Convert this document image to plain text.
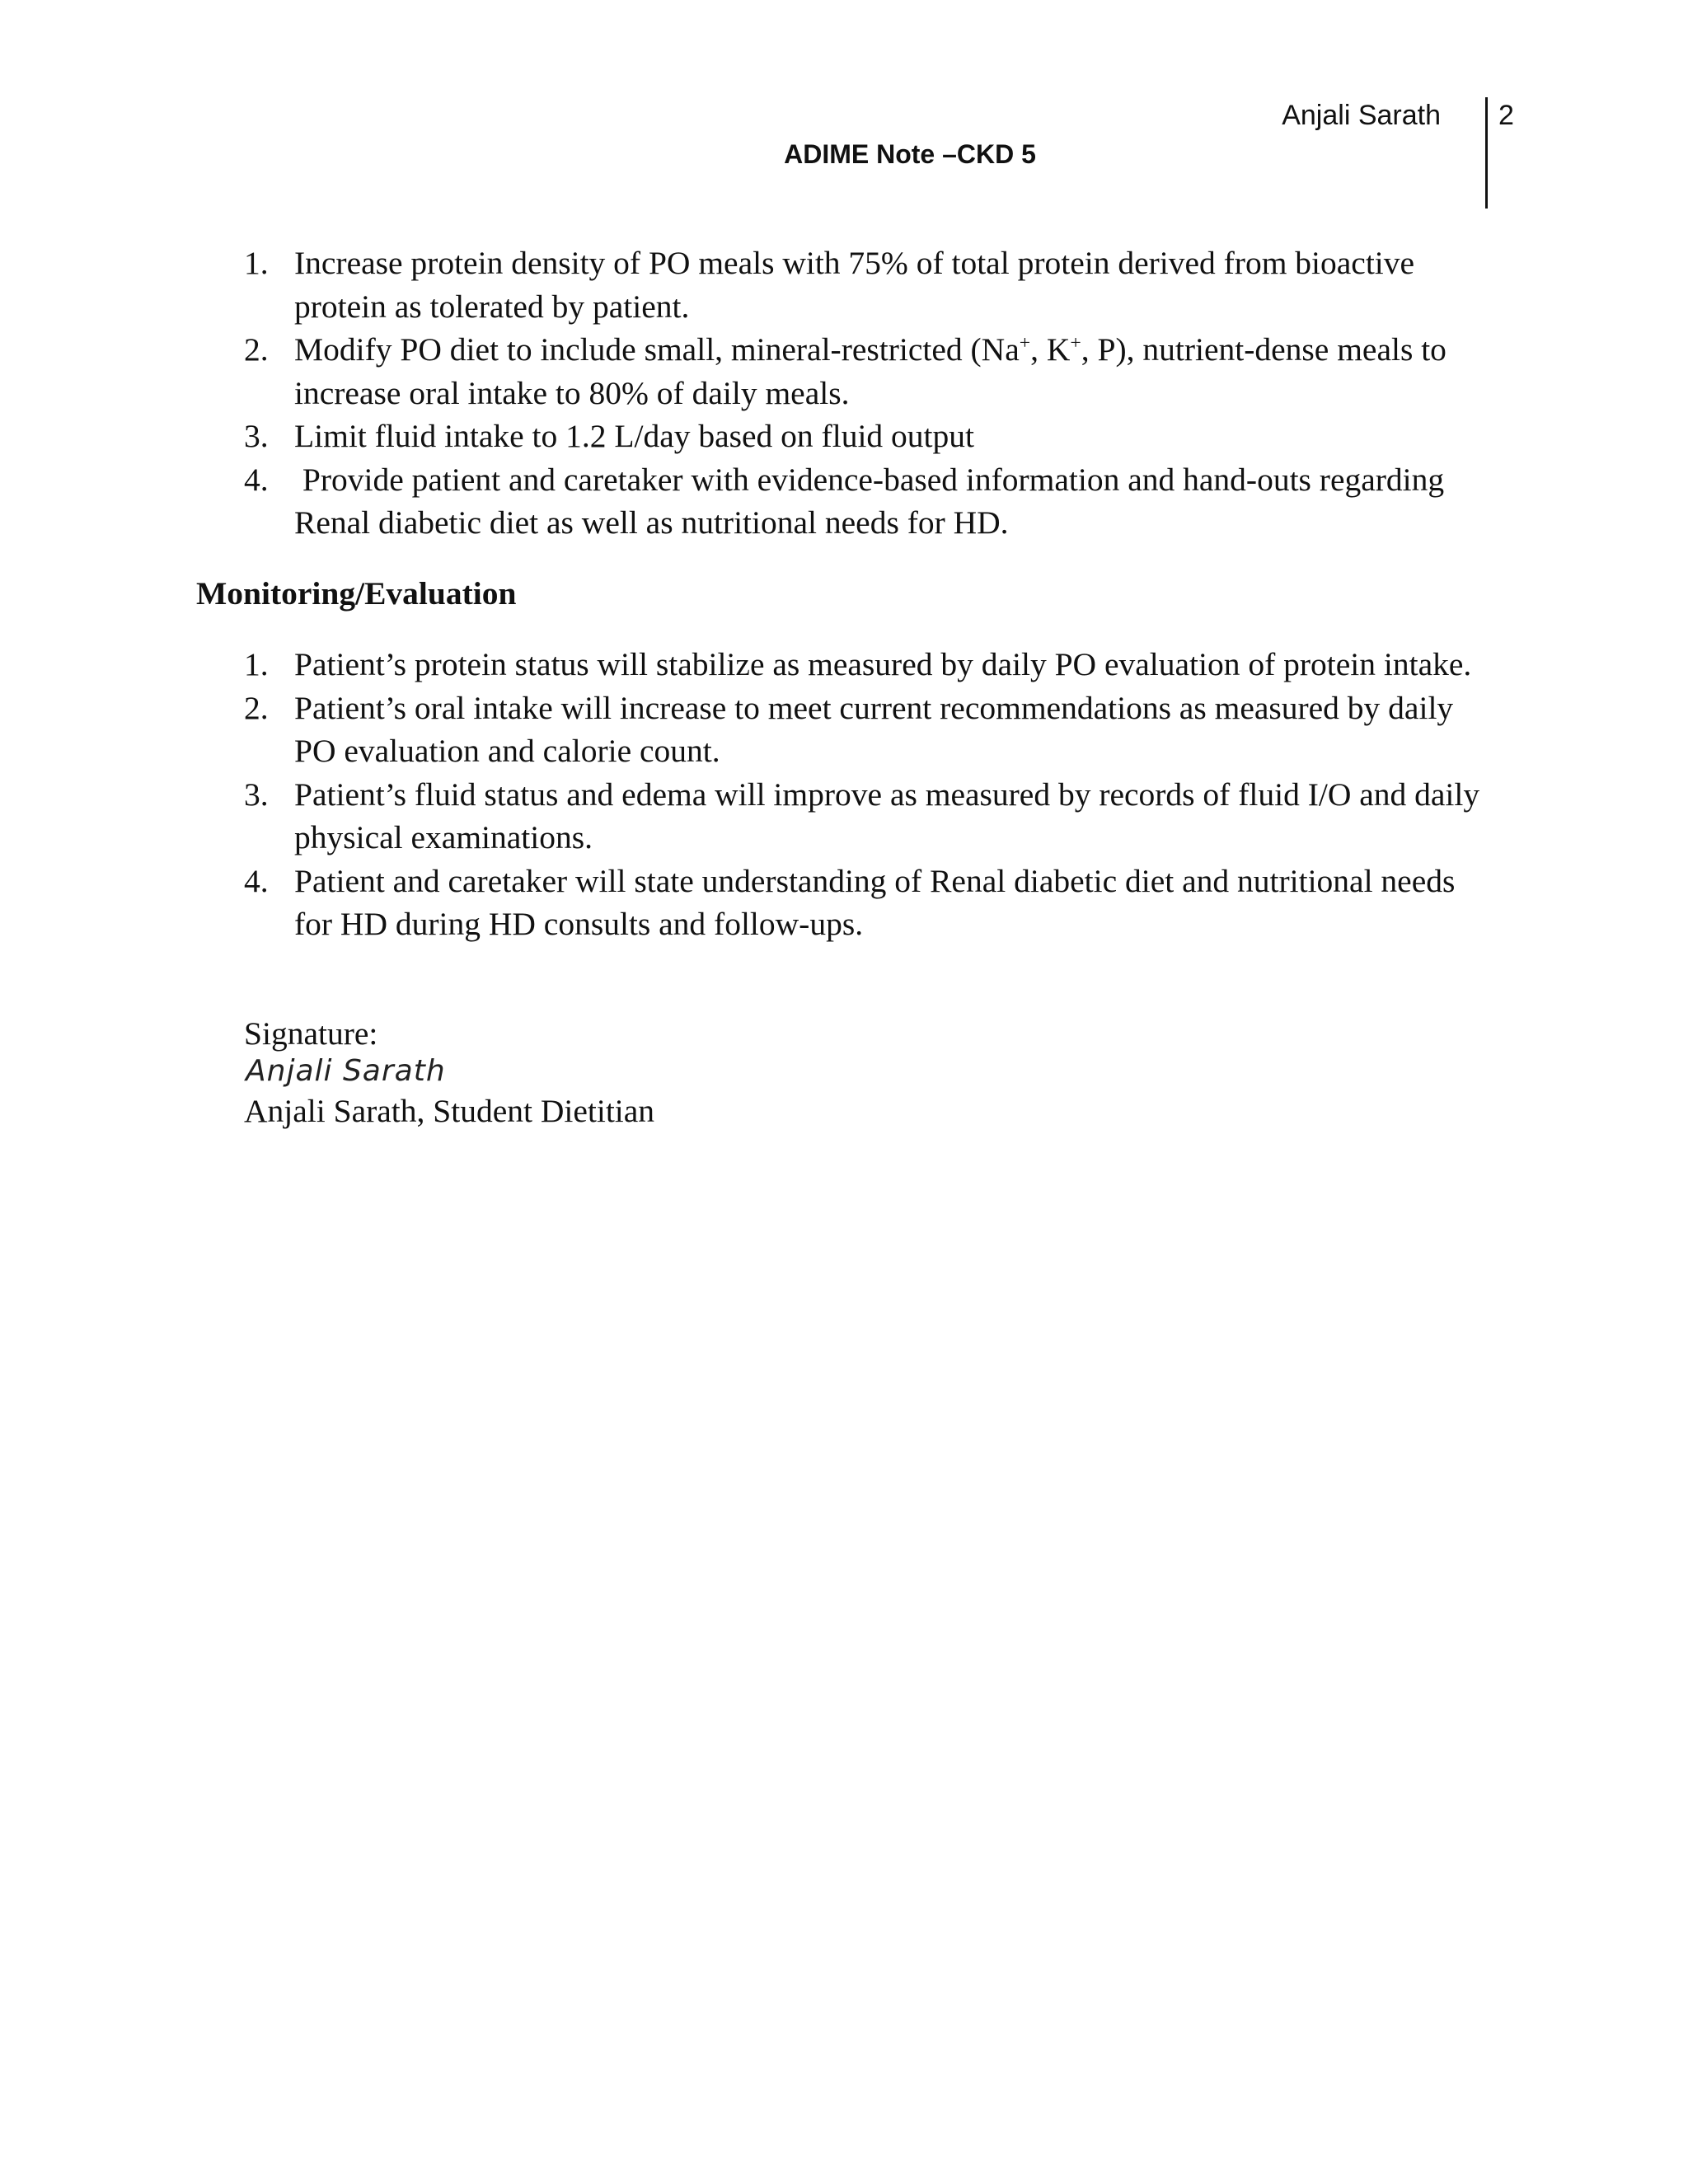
Anjali Sarath 2
ADIME Note –CKD 5
1. Increase protein density of PO meals with 75% of total protein derived from bioactive protein as tolerated by patient.
2. Modify PO diet to include small, mineral-restricted (Na+, K+, P), nutrient-dense meals to increase oral intake to 80% of daily meals.
3. Limit fluid intake to 1.2 L/day based on fluid output
4. Provide patient and caretaker with evidence-based information and hand-outs regarding Renal diabetic diet as well as nutritional needs for HD.
Monitoring/Evaluation
1. Patient’s protein status will stabilize as measured by daily PO evaluation of protein intake.
2. Patient’s oral intake will increase to meet current recommendations as measured by daily PO evaluation and calorie count.
3. Patient’s fluid status and edema will improve as measured by records of fluid I/O and daily physical examinations.
4. Patient and caretaker will state understanding of Renal diabetic diet and nutritional needs for HD during HD consults and follow-ups.
Signature:
Anjali Sarath
Anjali Sarath, Student Dietitian
